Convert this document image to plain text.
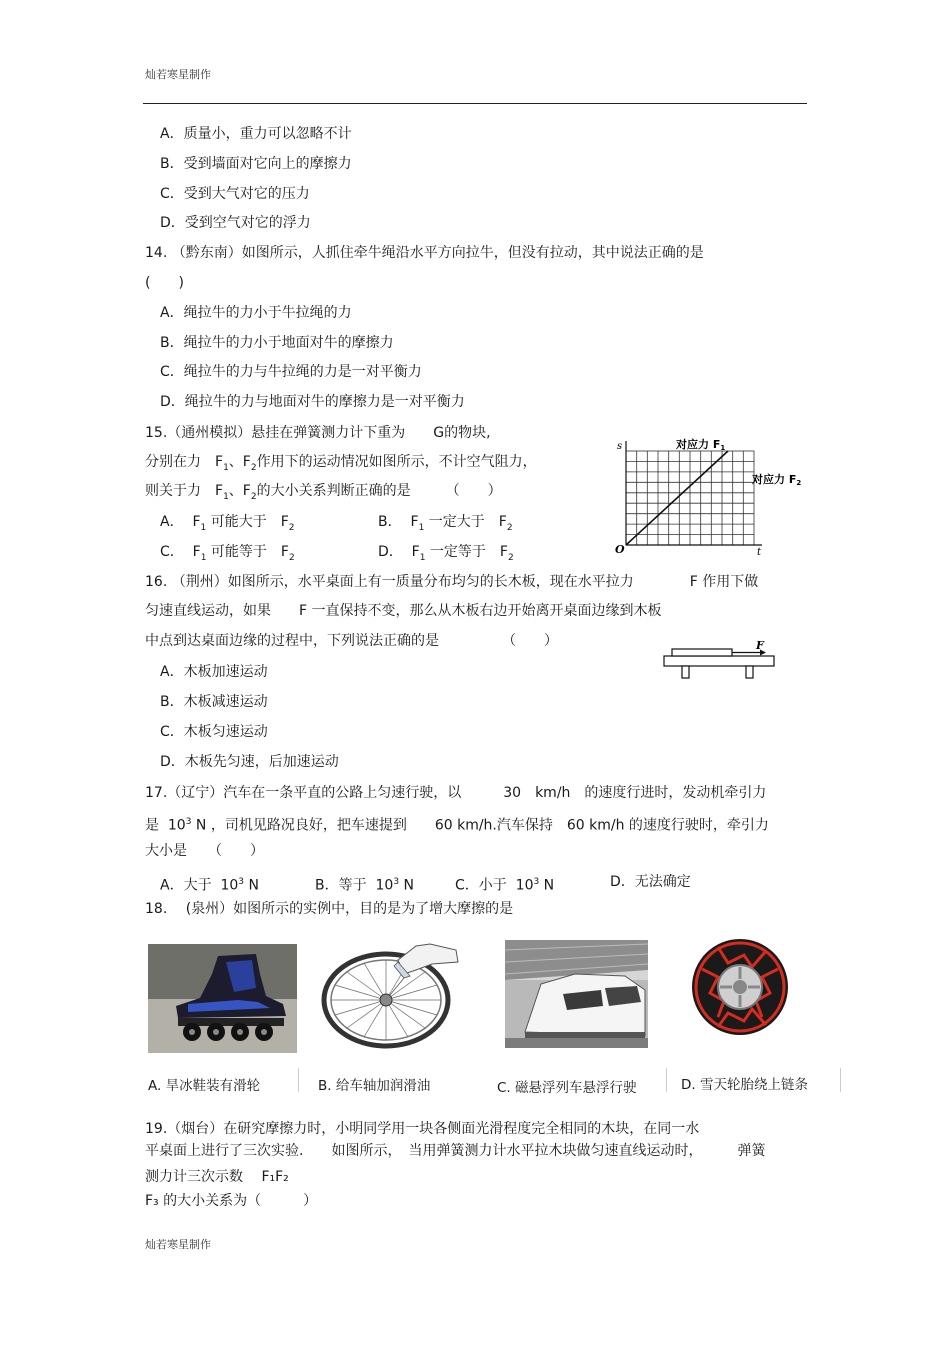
灿若寒星制作
A．质量小，重力可以忽略不计
B．受到墙面对它向上的摩擦力
C．受到大气对它的压力
D．受到空气对它的浮力
14. （黔东南）如图所示，人抓住牵牛绳沿水平方向拉牛，但没有拉动，其中说法正确的是
(　　)
A．绳拉牛的力小于牛拉绳的力
B．绳拉牛的力小于地面对牛的摩擦力
C．绳拉牛的力与牛拉绳的力是一对平衡力
D．绳拉牛的力与地面对牛的摩擦力是一对平衡力
15.（通州模拟）悬挂在弹簧测力计下重为　　G的物块,
分别在力　$F_1$、$F_2$作用下的运动情况如图所示，不计空气阻力，
则关于力　$F_1$、$F_2$的大小关系判断正确的是　　　（　　）
A．  $F_1$ 可能大于　$F_2$	B．  $F_1$ 一定大于　$F_2$
C．  $F_1$ 可能等于　$F_2$	D．  $F_1$ 一定等于　$F_2$
s
t
O
对应力 F1
对应力 F2
16. （荆州）如图所示，水平桌面上有一质量分布均匀的长木板，现在水平拉力　　　　F 作用下做
匀速直线运动，如果　　F 一直保持不变，那么从木板右边开始离开桌面边缘到木板
中点到达桌面边缘的过程中，下列说法正确的是　　　　　（　　）
A．木板加速运动
B．木板减速运动
C．木板匀速运动
D．木板先匀速，后加速运动
F
17.（辽宁）汽车在一条平直的公路上匀速行驶，以　　　30　km/h　的速度行进时，发动机牵引力
是  $10^3$ N ，司机见路况良好，把车速提到　　60 km/h.汽车保持　60 km/h 的速度行驶时，牵引力
大小是　　（　　）
A．大于  $10^3$ N	B．等于  $10^3$ N	C．小于  $10^3$ N	D．无法确定
18. 　(泉州）如图所示的实例中，目的是为了增大摩擦的是
A. 旱冰鞋装有滑轮	B. 给车轴加润滑油	C. 磁悬浮列车悬浮行驶	D. 雪天轮胎绕上链条
19.（烟台）在研究摩擦力时，小明同学用一块各侧面光滑程度完全相同的木块，在同一水
平桌面上进行了三次实验.　　如图所示，　当用弹簧测力计水平拉木块做匀速直线运动时，　　　弹簧
测力计三次示数　 F₁F₂
F₃ 的大小关系为（　　　）
灿若寒星制作
